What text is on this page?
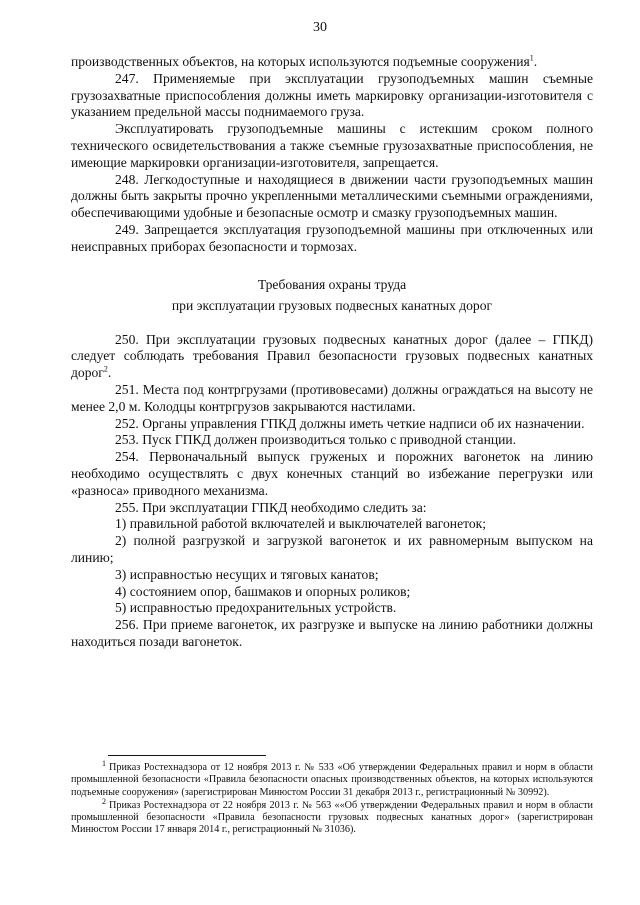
30

производственных объектов, на которых используются подъемные сооружения$^1$.

247. Применяемые при эксплуатации грузоподъемных машин съемные грузозахватные приспособления должны иметь маркировку организации-изготовителя с указанием предельной массы поднимаемого груза.

Эксплуатировать грузоподъемные машины с истекшим сроком полного технического освидетельствования а также съемные грузозахватные приспособления, не имеющие маркировки организации-изготовителя, запрещается.

248. Легкодоступные и находящиеся в движении части грузоподъемных машин должны быть закрыты прочно укрепленными металлическими съемными ограждениями, обеспечивающими удобные и безопасные осмотр и смазку грузоподъемных машин.

249. Запрещается эксплуатация грузоподъемной машины при отключенных или неисправных приборах безопасности и тормозах.

Требования охраны труда
при эксплуатации грузовых подвесных канатных дорог

250. При эксплуатации грузовых подвесных канатных дорог (далее – ГПКД) следует соблюдать требования Правил безопасности грузовых подвесных канатных дорог$^2$.

251. Места под контргрузами (противовесами) должны ограждаться на высоту не менее 2,0 м. Колодцы контргрузов закрываются настилами.

252. Органы управления ГПКД должны иметь четкие надписи об их назначении.

253. Пуск ГПКД должен производиться только с приводной станции.

254. Первоначальный выпуск груженых и порожних вагонеток на линию необходимо осуществлять с двух конечных станций во избежание перегрузки или «разноса» приводного механизма.

255. При эксплуатации ГПКД необходимо следить за:

1) правильной работой включателей и выключателей вагонеток;

2) полной разгрузкой и загрузкой вагонеток и их равномерным выпуском на линию;

3) исправностью несущих и тяговых канатов;

4) состоянием опор, башмаков и опорных роликов;

5) исправностью предохранительных устройств.

256. При приеме вагонеток, их разгрузке и выпуске на линию работники должны находиться позади вагонеток.

$^1$ Приказ Ростехнадзора от 12 ноября 2013 г. № 533 «Об утверждении Федеральных правил и норм в области промышленной безопасности «Правила безопасности опасных производственных объектов, на которых используются подъемные сооружения» (зарегистрирован Минюстом России 31 декабря 2013 г., регистрационный № 30992).

$^2$ Приказ Ростехнадзора от 22 ноября 2013 г. № 563 ««Об утверждении Федеральных правил и норм в области промышленной безопасности «Правила безопасности грузовых подвесных канатных дорог» (зарегистрирован Минюстом России 17 января 2014 г., регистрационный № 31036).
